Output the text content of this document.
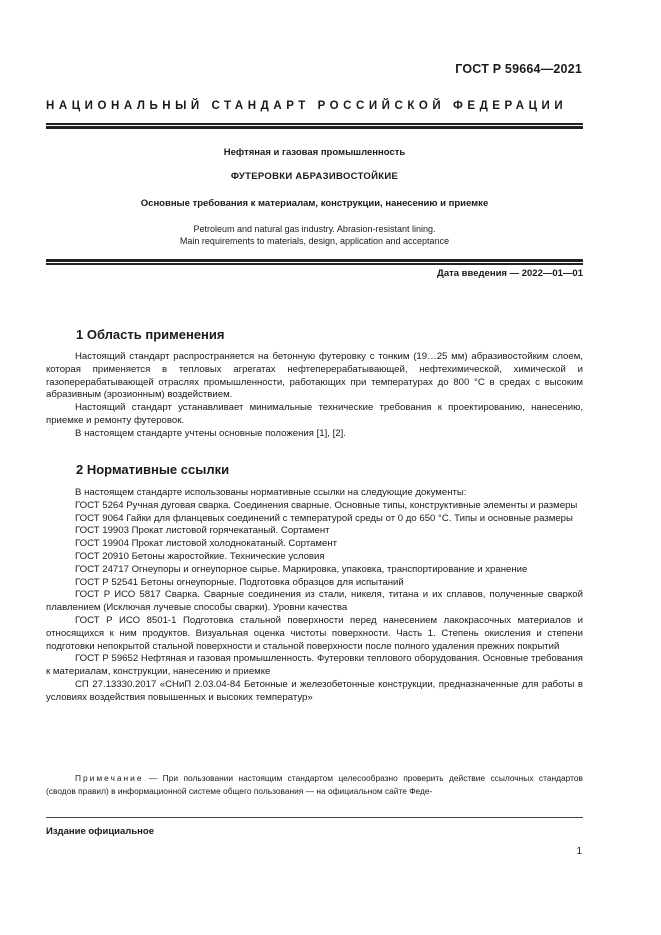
ГОСТ Р 59664—2021
НАЦИОНАЛЬНЫЙ СТАНДАРТ РОССИЙСКОЙ ФЕДЕРАЦИИ
Нефтяная и газовая промышленность
ФУТЕРОВКИ АБРАЗИВОСТОЙКИЕ
Основные требования к материалам, конструкции, нанесению и приемке
Petroleum and natural gas industry. Abrasion-resistant lining.
Main requirements to materials, design, application and acceptance
Дата введения — 2022—01—01
1 Область применения

Настоящий стандарт распространяется на бетонную футеровку с тонким (19…25 мм) абразивостойким слоем, которая применяется в тепловых агрегатах нефтеперерабатывающей, нефтехимической, химической и газоперерабатывающей отраслях промышленности, работающих при температурах до 800 °C в средах с высоким абразивным (эрозионным) воздействием.

Настоящий стандарт устанавливает минимальные технические требования к проектированию, нанесению, приемке и ремонту футеровок.

В настоящем стандарте учтены основные положения [1], [2].

2 Нормативные ссылки

В настоящем стандарте использованы нормативные ссылки на следующие документы:

ГОСТ 5264 Ручная дуговая сварка. Соединения сварные. Основные типы, конструктивные элементы и размеры

ГОСТ 9064 Гайки для фланцевых соединений с температурой среды от 0 до 650 °C. Типы и основные размеры

ГОСТ 19903 Прокат листовой горячекатаный. Сортамент

ГОСТ 19904 Прокат листовой холоднокатаный. Сортамент

ГОСТ 20910 Бетоны жаростойкие. Технические условия

ГОСТ 24717 Огнеупоры и огнеупорное сырье. Маркировка, упаковка, транспортирование и хранение

ГОСТ Р 52541 Бетоны огнеупорные. Подготовка образцов для испытаний

ГОСТ Р ИСО 5817 Сварка. Сварные соединения из стали, никеля, титана и их сплавов, полученные сваркой плавлением (Исключая лучевые способы сварки). Уровни качества

ГОСТ Р ИСО 8501-1 Подготовка стальной поверхности перед нанесением лакокрасочных материалов и относящихся к ним продуктов. Визуальная оценка чистоты поверхности. Часть 1. Степень окисления и степени подготовки непокрытой стальной поверхности и стальной поверхности после полного удаления прежних покрытий

ГОСТ Р 59652 Нефтяная и газовая промышленность. Футеровки теплового оборудования. Основные требования к материалам, конструкции, нанесению и приемке

СП 27.13330.2017 «СНиП 2.03.04-84 Бетонные и железобетонные конструкции, предназначенные для работы в условиях воздействия повышенных и высоких температур»

Примечание — При пользовании настоящим стандартом целесообразно проверить действие ссылочных стандартов (сводов правил) в информационной системе общего пользования — на официальном сайте Феде-
Издание официальное
1
